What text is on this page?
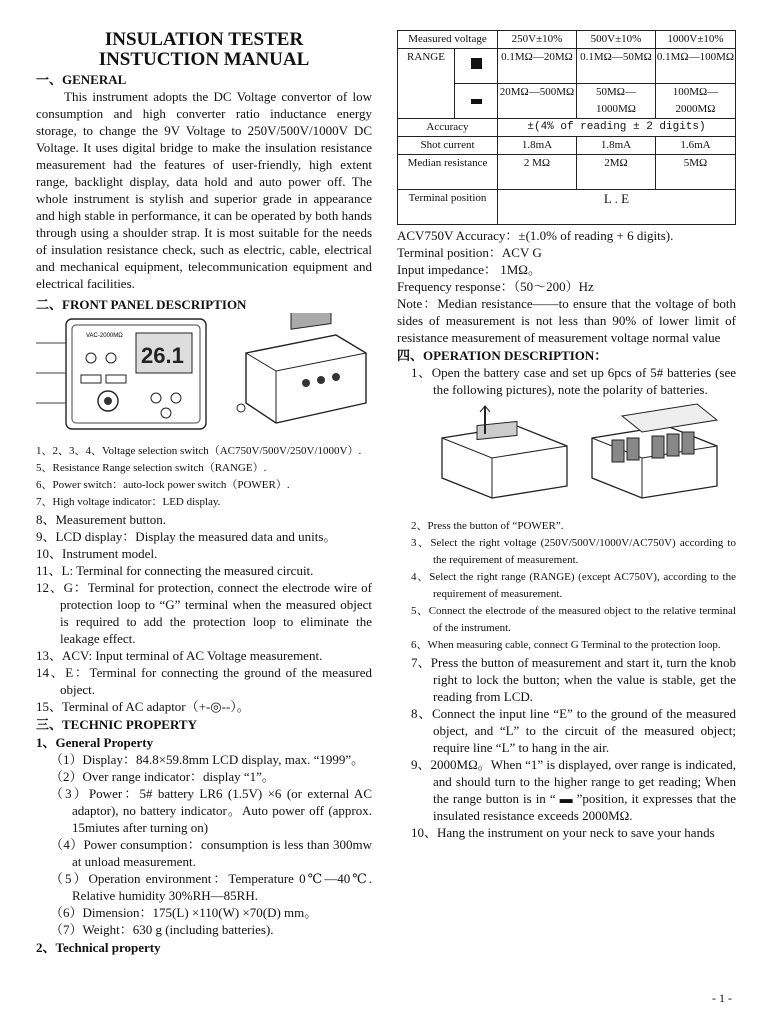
INSULATION TESTER
INSTUCTION MANUAL
一、GENERAL

This instrument adopts the DC Voltage convertor of low consumption and high converter ratio inductance energy storage, to change the 9V Voltage to 250V/500V/1000V DC Voltage. It uses digital bridge to make the insulation resistance measurement had the features of user-friendly, high extent range, backlight display, data hold and auto power off. The whole instrument is stylish and superior grade in appearance and high stable in performance, it can be operated by both hands through using a shoulder strap. It is most suitable for the needs of insulation resistance check, such as electric, cable, electrical and mechanical equipment, telecommunication equipment and electrical facilities.

二、FRONT PANEL DESCRIPTION
VAC-2000MΩ
26.1
1、2、3、4、Voltage selection switch（AC750V/500V/250V/1000V）.
5、Resistance Range selection switch（RANGE）.
6、Power switch：auto-lock power switch（POWER）.
7、High voltage indicator：LED display.
8、Measurement button.
9、LCD display：Display the measured data and units。
10、Instrument model.
11、L: Terminal for connecting the measured circuit.
12、G：Terminal for protection, connect the electrode wire of protection loop to “G” terminal when the measured object is required to add the protection loop to eliminate the leakage effect.
13、ACV: Input terminal of AC Voltage measurement.
14、E：Terminal for connecting the ground of the measured object.
15、Terminal of AC adaptor（+-◎--）。
三、TECHNIC PROPERTY
1、General Property
（1）Display：84.8×59.8mm LCD display, max. “1999”。
（2）Over range indicator：display “1”。
（3）Power：5# battery LR6 (1.5V) ×6 (or external AC adaptor), no battery indicator。Auto power off (approx. 15miutes after turning on)
（4）Power consumption：consumption is less than 300mw at unload measurement.
（5）Operation environment：Temperature 0℃—40℃. Relative humidity 30%RH—85RH.
（6）Dimension：175(L) ×110(W) ×70(D) mm。
（7）Weight：630 g (including batteries).
2、Technical property
Measured voltage		250V±10%	500V±10%	1000V±10%
RANGE		0.1MΩ—20MΩ	0.1MΩ—50MΩ	0.1MΩ—100MΩ
		20MΩ—500MΩ	50MΩ—1000MΩ	100MΩ—2000MΩ
Accuracy		±(4% of reading ± 2 digits)		
Shot current		1.8mA	1.8mA	1.6mA
Median resistance		2 MΩ	2MΩ	5MΩ
Terminal position		L . E		
ACV750V Accuracy：±(1.0% of reading + 6 digits).
Terminal position：ACV G
Input impedance： 1MΩ。
Frequency response：（50～200）Hz

Note：Median resistance——to ensure that the voltage of both sides of measurement is not less than 90% of lower limit of resistance measurement of measurement voltage normal value

四、OPERATION DESCRIPTION：
1、Open the battery case and set up 6pcs of 5# batteries (see the following pictures), note the polarity of batteries.
2、Press the button of “POWER”.
3、Select the right voltage (250V/500V/1000V/AC750V) according to the requirement of measurement.
4、Select the right range (RANGE) (except AC750V), according to the requirement of measurement.
5、Connect the electrode of the measured object to the relative terminal of the instrument.
6、When measuring cable, connect G Terminal to the protection loop.
7、Press the button of measurement and start it, turn the knob right to lock the button; when the value is stable, get the reading from LCD.
8、Connect the input line “E” to the ground of the measured object, and “L” to the circuit of the measured object; require line “L” to hang in the air.
9、2000MΩ。When “1” is displayed, over range is indicated, and should turn to the higher range to get reading; When the range button is in “ ▬ ”position, it expresses that the insulated resistance exceeds 2000MΩ.
10、Hang the instrument on your neck to save your hands
- 1 -
